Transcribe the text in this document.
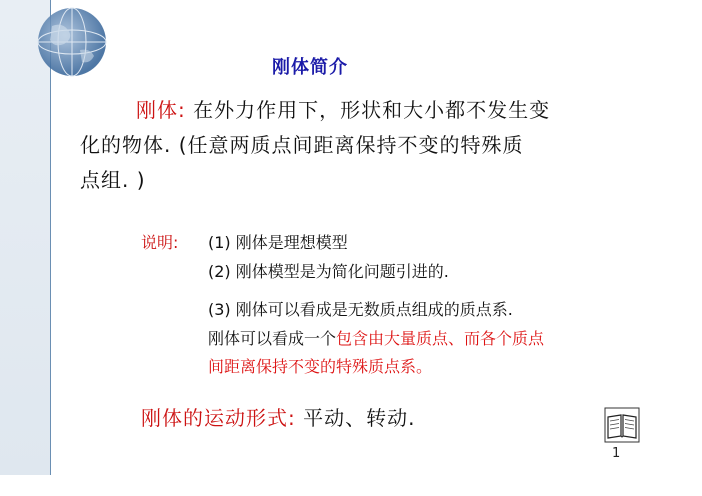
刚体简介
刚体: 在外力作用下，形状和大小都不发生变
化的物体. (任意两质点间距离保持不变的特殊质
点组. )
说明: (1) 刚体是理想模型
(2) 刚体模型是为简化问题引进的.
(3) 刚体可以看成是无数质点组成的质点系.
刚体可以看成一个包含由大量质点、而各个质点
间距离保持不变的特殊质点系。
刚体的运动形式: 平动、转动.
1
